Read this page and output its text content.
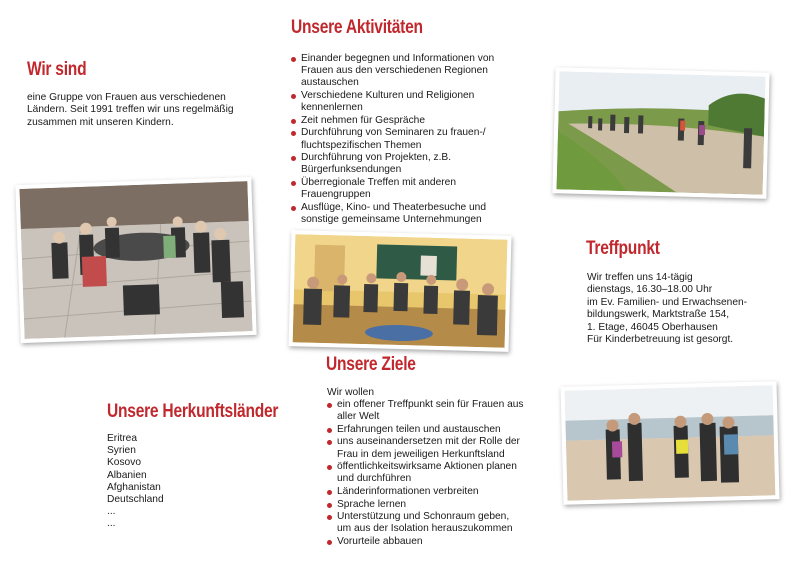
Wir sind
Unsere Aktivitäten
Treffpunkt
Unsere Ziele
Unsere Herkunftsländer

eine Gruppe von Frauen aus verschiedenen Ländern. Seit 1991 treffen wir uns regelmäßig zusammen mit unseren Kindern.

Einander begegnen und Informationen von Frauen aus den verschiedenen Regionen austauschen
Verschiedene Kulturen und Religionen kennenlernen
Zeit nehmen für Gespräche
Durchführung von Seminaren zu frauen-/ fluchtspezifischen Themen
Durchführung von Projekten, z.B. Bürgerfunksendungen
Überregionale Treffen mit anderen Frauengruppen
Ausflüge, Kino- und Theaterbesuche und sonstige gemeinsame Unternehmungen
Wir treffen uns 14-tägig
dienstags, 16.30–18.00 Uhr
im Ev. Familien- und Erwachsenen-
bildungswerk, Marktstraße 154,
1. Etage, 46045 Oberhausen
Für Kinderbetreuung ist gesorgt.

Wir wollen

ein offener Treffpunkt sein für Frauen aus aller Welt
Erfahrungen teilen und austauschen
uns auseinandersetzen mit der Rolle der Frau in dem jeweiligen Herkunftsland
öffentlichkeitswirksame Aktionen planen und durchführen
Länderinformationen verbreiten
Sprache lernen
Unterstützung und Schonraum geben, um aus der Isolation herauszukommen
Vorurteile abbauen
Eritrea
Syrien
Kosovo
Albanien
Afghanistan
Deutschland
...
...
